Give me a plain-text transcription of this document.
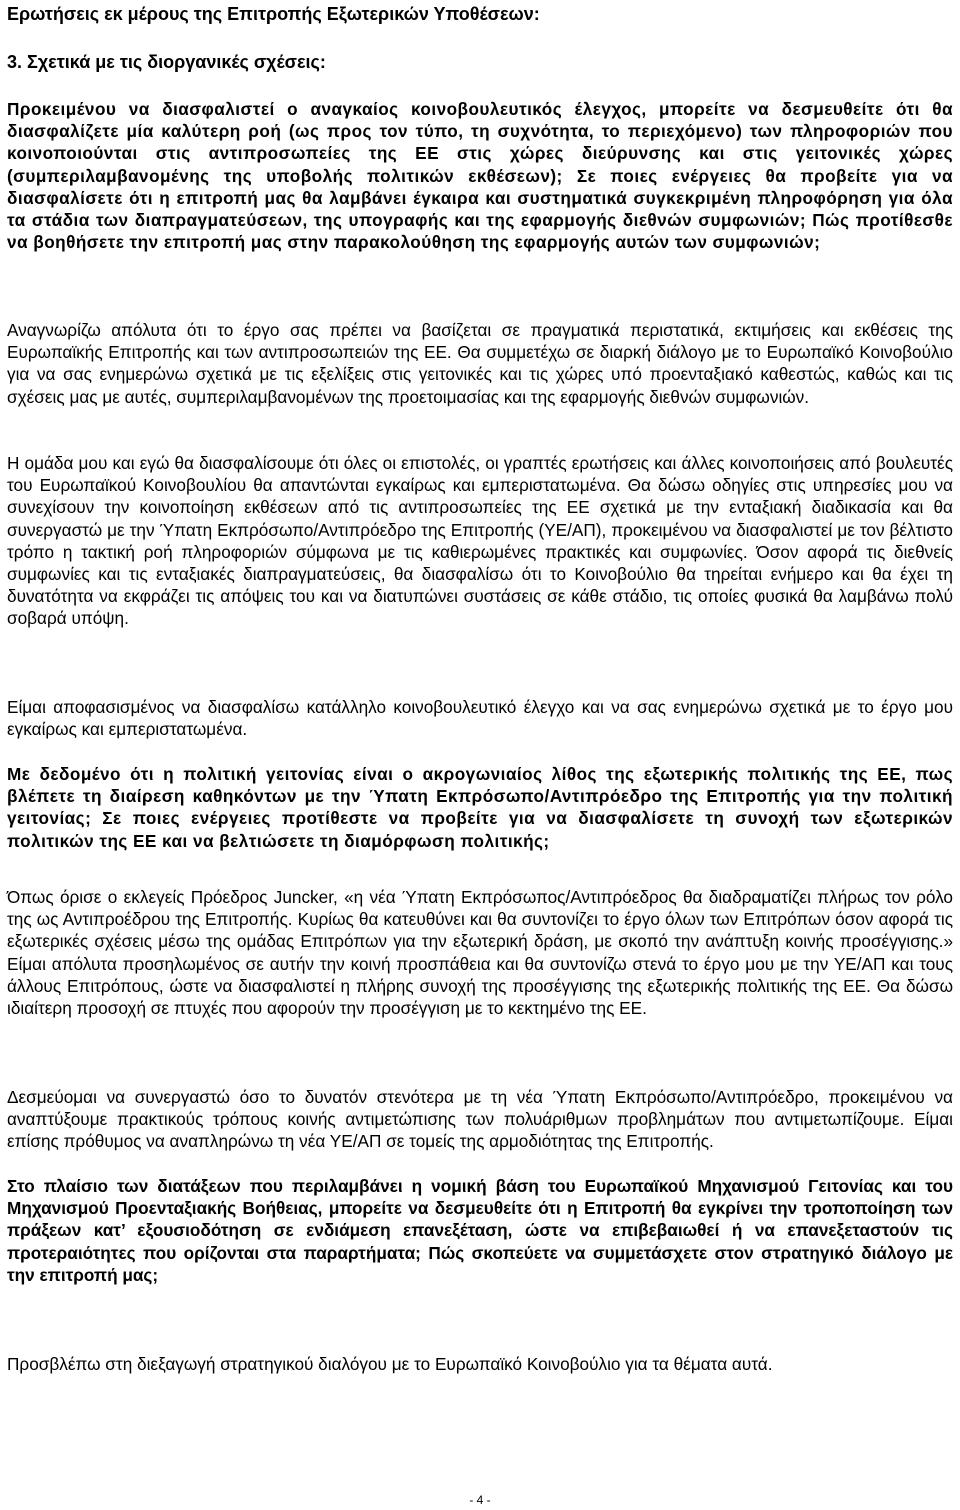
Ερωτήσεις εκ μέρους της Επιτροπής Εξωτερικών Υποθέσεων:

3. Σχετικά με τις διοργανικές σχέσεις:

Προκειμένου να διασφαλιστεί ο αναγκαίος κοινοβουλευτικός έλεγχος, μπορείτε να δεσμευθείτε ότι θα διασφαλίζετε μία καλύτερη ροή (ως προς τον τύπο, τη συχνότητα, το περιεχόμενο) των πληροφοριών που κοινοποιούνται στις αντιπροσωπείες της ΕΕ στις χώρες διεύρυνσης και στις γειτονικές χώρες (συμπεριλαμβανομένης της υποβολής πολιτικών εκθέσεων); Σε ποιες ενέργειες θα προβείτε για να διασφαλίσετε ότι η επιτροπή μας θα λαμβάνει έγκαιρα και συστηματικά συγκεκριμένη πληροφόρηση για όλα τα στάδια των διαπραγματεύσεων, της υπογραφής και της εφαρμογής διεθνών συμφωνιών; Πώς προτίθεσθε να βοηθήσετε την επιτροπή μας στην παρακολούθηση της εφαρμογής αυτών των συμφωνιών;

Αναγνωρίζω απόλυτα ότι το έργο σας πρέπει να βασίζεται σε πραγματικά περιστατικά, εκτιμήσεις και εκθέσεις της Ευρωπαϊκής Επιτροπής και των αντιπροσωπειών της ΕΕ. Θα συμμετέχω σε διαρκή διάλογο με το Ευρωπαϊκό Κοινοβούλιο για να σας ενημερώνω σχετικά με τις εξελίξεις στις γειτονικές και τις χώρες υπό προενταξιακό καθεστώς, καθώς και τις σχέσεις μας με αυτές, συμπεριλαμβανομένων της προετοιμασίας και της εφαρμογής διεθνών συμφωνιών.

Η ομάδα μου και εγώ θα διασφαλίσουμε ότι όλες οι επιστολές, οι γραπτές ερωτήσεις και άλλες κοινοποιήσεις από βουλευτές του Ευρωπαϊκού Κοινοβουλίου θα απαντώνται εγκαίρως και εμπεριστατωμένα. Θα δώσω οδηγίες στις υπηρεσίες μου να συνεχίσουν την κοινοποίηση εκθέσεων από τις αντιπροσωπείες της ΕΕ σχετικά με την ενταξιακή διαδικασία και θα συνεργαστώ με την Ύπατη Εκπρόσωπο/Αντιπρόεδρο της Επιτροπής (ΥΕ/ΑΠ), προκειμένου να διασφαλιστεί με τον βέλτιστο τρόπο η τακτική ροή πληροφοριών σύμφωνα με τις καθιερωμένες πρακτικές και συμφωνίες. Όσον αφορά τις διεθνείς συμφωνίες και τις ενταξιακές διαπραγματεύσεις, θα διασφαλίσω ότι το Κοινοβούλιο θα τηρείται ενήμερο και θα έχει τη δυνατότητα να εκφράζει τις απόψεις του και να διατυπώνει συστάσεις σε κάθε στάδιο, τις οποίες φυσικά θα λαμβάνω πολύ σοβαρά υπόψη.

Είμαι αποφασισμένος να διασφαλίσω κατάλληλο κοινοβουλευτικό έλεγχο και να σας ενημερώνω σχετικά με το έργο μου εγκαίρως και εμπεριστατωμένα.

Με δεδομένο ότι η πολιτική γειτονίας είναι ο ακρογωνιαίος λίθος της εξωτερικής πολιτικής της ΕΕ, πως βλέπετε τη διαίρεση καθηκόντων με την Ύπατη Εκπρόσωπο/Αντιπρόεδρο της Επιτροπής για την πολιτική γειτονίας; Σε ποιες ενέργειες προτίθεστε να προβείτε για να διασφαλίσετε τη συνοχή των εξωτερικών πολιτικών της ΕΕ και να βελτιώσετε τη διαμόρφωση πολιτικής;

Όπως όρισε ο εκλεγείς Πρόεδρος Juncker, «η νέα Ύπατη Εκπρόσωπος/Αντιπρόεδρος θα διαδραματίζει πλήρως τον ρόλο της ως Αντιπροέδρου της Επιτροπής. Κυρίως θα κατευθύνει και θα συντονίζει το έργο όλων των Επιτρόπων όσον αφορά τις εξωτερικές σχέσεις μέσω της ομάδας Επιτρόπων για την εξωτερική δράση, με σκοπό την ανάπτυξη κοινής προσέγγισης.» Είμαι απόλυτα προσηλωμένος σε αυτήν την κοινή προσπάθεια και θα συντονίζω στενά το έργο μου με την ΥΕ/ΑΠ και τους άλλους Επιτρόπους, ώστε να διασφαλιστεί η πλήρης συνοχή της προσέγγισης της εξωτερικής πολιτικής της ΕΕ. Θα δώσω ιδιαίτερη προσοχή σε πτυχές που αφορούν την προσέγγιση με το κεκτημένο της ΕΕ.

Δεσμεύομαι να συνεργαστώ όσο το δυνατόν στενότερα με τη νέα Ύπατη Εκπρόσωπο/Αντιπρόεδρο, προκειμένου να αναπτύξουμε πρακτικούς τρόπους κοινής αντιμετώπισης των πολυάριθμων προβλημάτων που αντιμετωπίζουμε. Είμαι επίσης πρόθυμος να αναπληρώνω τη νέα ΥΕ/ΑΠ σε τομείς της αρμοδιότητας της Επιτροπής.

Στο πλαίσιο των διατάξεων που περιλαμβάνει η νομική βάση του Ευρωπαϊκού Μηχανισμού Γειτονίας και του Μηχανισμού Προενταξιακής Βοήθειας, μπορείτε να δεσμευθείτε ότι η Επιτροπή θα εγκρίνει την τροποποίηση των πράξεων κατ’ εξουσιοδότηση σε ενδιάμεση επανεξέταση, ώστε να επιβεβαιωθεί ή να επανεξεταστούν τις προτεραιότητες που ορίζονται στα παραρτήματα; Πώς σκοπεύετε να συμμετάσχετε στον στρατηγικό διάλογο με την επιτροπή μας;

Προσβλέπω στη διεξαγωγή στρατηγικού διαλόγου με το Ευρωπαϊκό Κοινοβούλιο για τα θέματα αυτά.

- 4 -
